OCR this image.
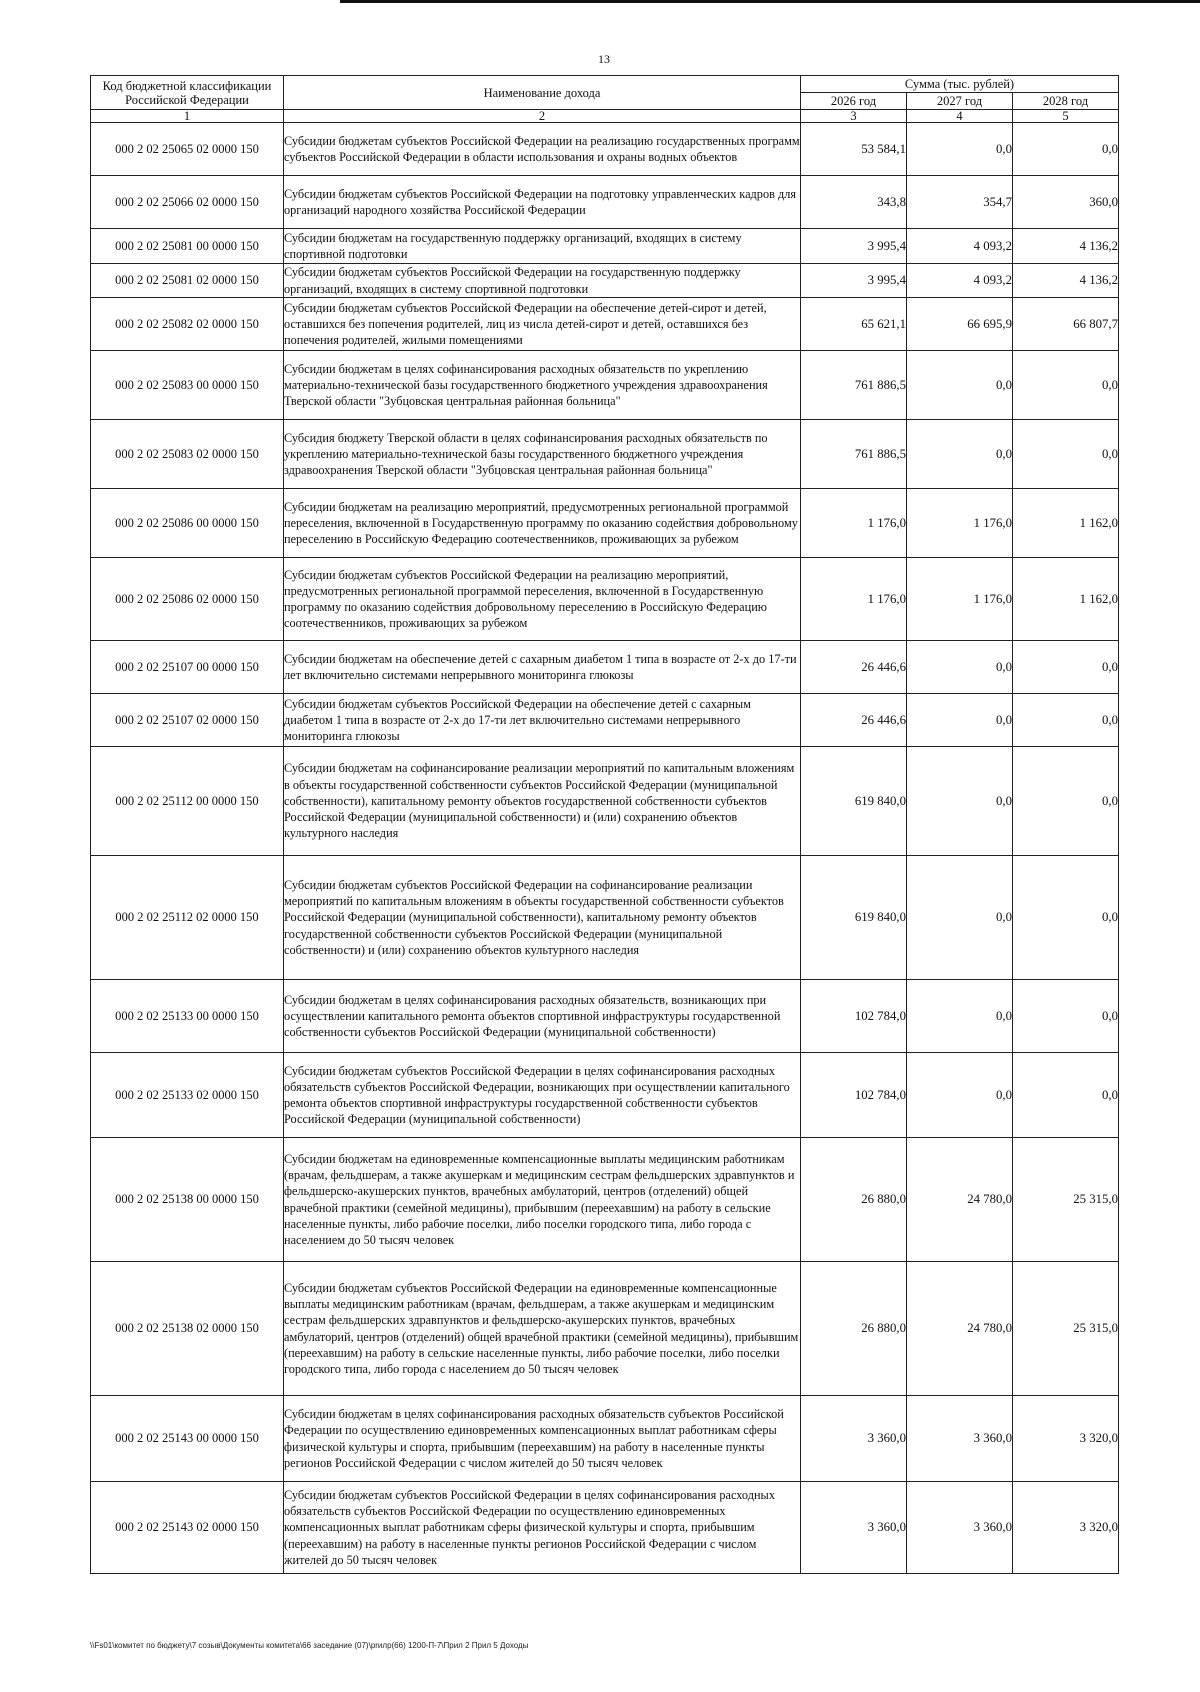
13
Код бюджетной классификации Российской Федерации	Наименование дохода	Сумма (тыс. рублей)		
		2026 год	2027 год	2028 год
1	2	3	4	5
000 2 02 25065 02 0000 150	Субсидии бюджетам субъектов Российской Федерации на реализацию государственных программ субъектов Российской Федерации в области использования и охраны водных объектов	53 584,1	0,0	0,0
000 2 02 25066 02 0000 150	Субсидии бюджетам субъектов Российской Федерации на подготовку управленческих кадров для организаций народного хозяйства Российской Федерации	343,8	354,7	360,0
000 2 02 25081 00 0000 150	Субсидии бюджетам на государственную поддержку организаций, входящих в систему спортивной подготовки	3 995,4	4 093,2	4 136,2
000 2 02 25081 02 0000 150	Субсидии бюджетам субъектов Российской Федерации на государственную поддержку организаций, входящих в систему спортивной подготовки	3 995,4	4 093,2	4 136,2
000 2 02 25082 02 0000 150	Субсидии бюджетам субъектов Российской Федерации на обеспечение детей-сирот и детей, оставшихся без попечения родителей, лиц из числа детей-сирот и детей, оставшихся без попечения родителей, жилыми помещениями	65 621,1	66 695,9	66 807,7
000 2 02 25083 00 0000 150	Субсидии бюджетам в целях софинансирования расходных обязательств по укреплению материально-технической базы государственного бюджетного учреждения здравоохранения Тверской области "Зубцовская центральная районная больница"	761 886,5	0,0	0,0
000 2 02 25083 02 0000 150	Субсидия бюджету Тверской области в целях софинансирования расходных обязательств по укреплению материально-технической базы государственного бюджетного учреждения здравоохранения Тверской области "Зубцовская центральная районная больница"	761 886,5	0,0	0,0
000 2 02 25086 00 0000 150	Субсидии бюджетам на реализацию мероприятий, предусмотренных региональной программой переселения, включенной в Государственную программу по оказанию содействия добровольному переселению в Российскую Федерацию соотечественников, проживающих за рубежом	1 176,0	1 176,0	1 162,0
000 2 02 25086 02 0000 150	Субсидии бюджетам субъектов Российской Федерации на реализацию мероприятий, предусмотренных региональной программой переселения, включенной в Государственную программу по оказанию содействия добровольному переселению в Российскую Федерацию соотечественников, проживающих за рубежом	1 176,0	1 176,0	1 162,0
000 2 02 25107 00 0000 150	Субсидии бюджетам на обеспечение детей с сахарным диабетом 1 типа в возрасте от 2-х до 17-ти лет включительно системами непрерывного мониторинга глюкозы	26 446,6	0,0	0,0
000 2 02 25107 02 0000 150	Субсидии бюджетам субъектов Российской Федерации на обеспечение детей с сахарным диабетом 1 типа в возрасте от 2-х до 17-ти лет включительно системами непрерывного мониторинга глюкозы	26 446,6	0,0	0,0
000 2 02 25112 00 0000 150	Субсидии бюджетам на софинансирование реализации мероприятий по капитальным вложениям в объекты государственной собственности субъектов Российской Федерации (муниципальной собственности), капитальному ремонту объектов государственной собственности субъектов Российской Федерации (муниципальной собственности) и (или) сохранению объектов культурного наследия	619 840,0	0,0	0,0
000 2 02 25112 02 0000 150	Субсидии бюджетам субъектов Российской Федерации на софинансирование реализации мероприятий по капитальным вложениям в объекты государственной собственности субъектов Российской Федерации (муниципальной собственности), капитальному ремонту объектов государственной собственности субъектов Российской Федерации (муниципальной собственности) и (или) сохранению объектов культурного наследия	619 840,0	0,0	0,0
000 2 02 25133 00 0000 150	Субсидии бюджетам в целях софинансирования расходных обязательств, возникающих при осуществлении капитального ремонта объектов спортивной инфраструктуры государственной собственности субъектов Российской Федерации (муниципальной собственности)	102 784,0	0,0	0,0
000 2 02 25133 02 0000 150	Субсидии бюджетам субъектов Российской Федерации в целях софинансирования расходных обязательств субъектов Российской Федерации, возникающих при осуществлении капитального ремонта объектов спортивной инфраструктуры государственной собственности субъектов Российской Федерации (муниципальной собственности)	102 784,0	0,0	0,0
000 2 02 25138 00 0000 150	Субсидии бюджетам на единовременные компенсационные выплаты медицинским работникам (врачам, фельдшерам, а также акушеркам и медицинским сестрам фельдшерских здравпунктов и фельдшерско-акушерских пунктов, врачебных амбулаторий, центров (отделений) общей врачебной практики (семейной медицины), прибывшим (переехавшим) на работу в сельские населенные пункты, либо рабочие поселки, либо поселки городского типа, либо города с населением до 50 тысяч человек	26 880,0	24 780,0	25 315,0
000 2 02 25138 02 0000 150	Субсидии бюджетам субъектов Российской Федерации на единовременные компенсационные выплаты медицинским работникам (врачам, фельдшерам, а также акушеркам и медицинским сестрам фельдшерских здравпунктов и фельдшерско-акушерских пунктов, врачебных амбулаторий, центров (отделений) общей врачебной практики (семейной медицины), прибывшим (переехавшим) на работу в сельские населенные пункты, либо рабочие поселки, либо поселки городского типа, либо города с населением до 50 тысяч человек	26 880,0	24 780,0	25 315,0
000 2 02 25143 00 0000 150	Субсидии бюджетам в целях софинансирования расходных обязательств субъектов Российской Федерации по осуществлению единовременных компенсационных выплат работникам сферы физической культуры и спорта, прибывшим (переехавшим) на работу в населенные пункты регионов Российской Федерации с числом жителей до 50 тысяч человек	3 360,0	3 360,0	3 320,0
000 2 02 25143 02 0000 150	Субсидии бюджетам субъектов Российской Федерации в целях софинансирования расходных обязательств субъектов Российской Федерации по осуществлению единовременных компенсационных выплат работникам сферы физической культуры и спорта, прибывшим (переехавшим) на работу в населенные пункты регионов Российской Федерации с числом жителей до 50 тысяч человек	3 360,0	3 360,0	3 320,0
\\Fs01\комитет по бюджету\7 созыв\Документы комитета\66 заседание (07)\prилр(66) 1200-П-7\Прил 2 Прил 5 Доходы
